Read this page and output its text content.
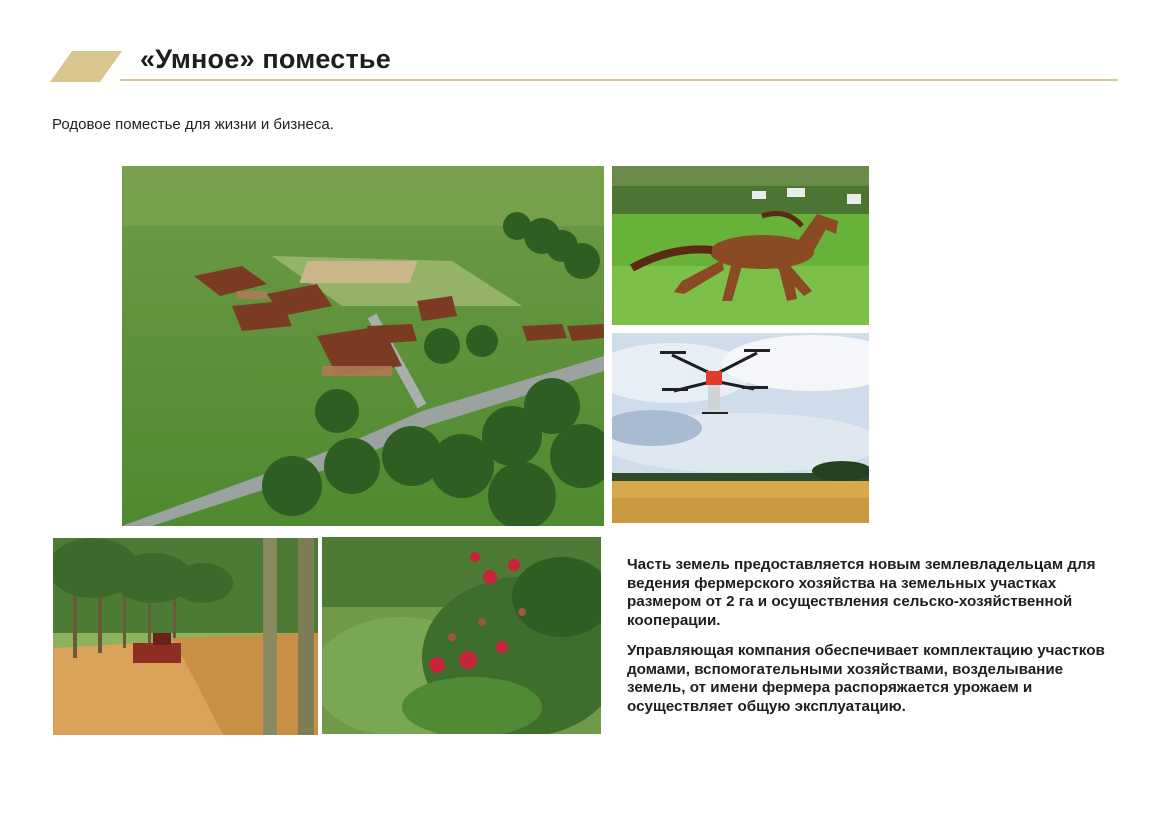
«Умное» поместье
Родовое поместье для жизни и бизнеса.

Часть земель предоставляется новым землевладельцам для ведения фермерского хозяйства на земельных участках размером от 2 га и осуществления сельско-хозяйственной кооперации.

Управляющая компания обеспечивает комплектацию участков домами, вспомогательными хозяйствами, возделывание земель, от имени фермера распоряжается урожаем и осуществляет общую эксплуатацию.
